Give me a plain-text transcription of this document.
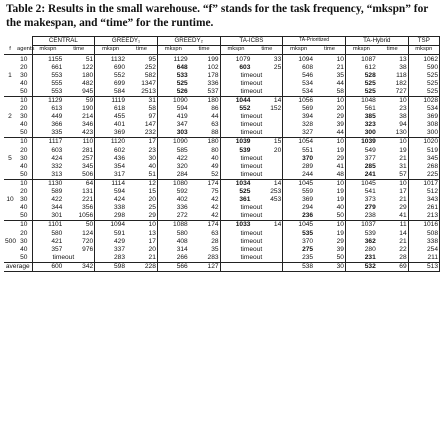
Table 2: Results in the small warehouse. “f” stands for the task frequency, “mkspn” for the makespan, and “time” for the runtime.
		CENTRAL		GREEDY₁		GREEDY₂		TA-ICBS		TA-Prioritized		TA-Hybrid		TSP
f	agents	mkspn	time	mkspn	time	mkspn	time	mkspn	time	mkspn	time	mkspn	time	mkspn
1	10	1155	51	1132	95	1129	199	1079	33	1094	10	1087	13	1062
	20	661	122	690	252	648	102	603	25	608	21	612	38	590
	30	553	180	552	582	533	178	timeout		546	35	528	118	525
	40	555	482	699	1347	525	336	timeout		534	44	525	182	525
	50	553	945	584	2513	526	537	timeout		534	58	525	727	525
2	10	1129	59	1119	31	1090	180	1044	14	1056	10	1048	10	1028
	20	613	190	618	58	594	86	552	152	569	20	561	23	534
	30	449	214	455	97	419	44	timeout		394	29	385	38	369
	40	366	346	401	147	347	63	timeout		328	39	323	94	308
	50	335	423	369	232	303	88	timeout		327	44	300	130	300
5	10	1117	110	1120	17	1090	180	1039	15	1054	10	1039	10	1020
	20	603	281	602	23	585	80	539	20	551	19	549	19	519
	30	424	257	436	30	422	40	timeout		370	29	377	21	345
	40	332	345	354	40	320	49	timeout		289	41	285	31	268
	50	313	506	317	51	284	52	timeout		244	48	241	57	225
10	10	1130	64	1114	12	1080	174	1034	14	1045	10	1045	10	1017
	20	589	131	594	15	592	75	525	253	559	19	541	17	512
	30	422	221	424	20	402	42	361	453	369	19	373	21	343
	40	344	356	338	25	336	42	timeout		294	40	279	29	261
	50	301	1056	298	29	272	42	timeout		236	50	238	41	213
500	10	1101	50	1094	10	1088	174	1033	14	1045	10	1037	11	1016
	20	580	124	591	13	580	63	timeout		535	19	539	14	508
	30	421	720	429	17	408	28	timeout		370	29	362	21	338
	40	357	976	337	20	314	35	timeout		275	39	280	22	254
	50	timeout		283	21	266	283	timeout		235	50	231	28	211
average		600	342	598	228	566	127			538	30	532	69	513
